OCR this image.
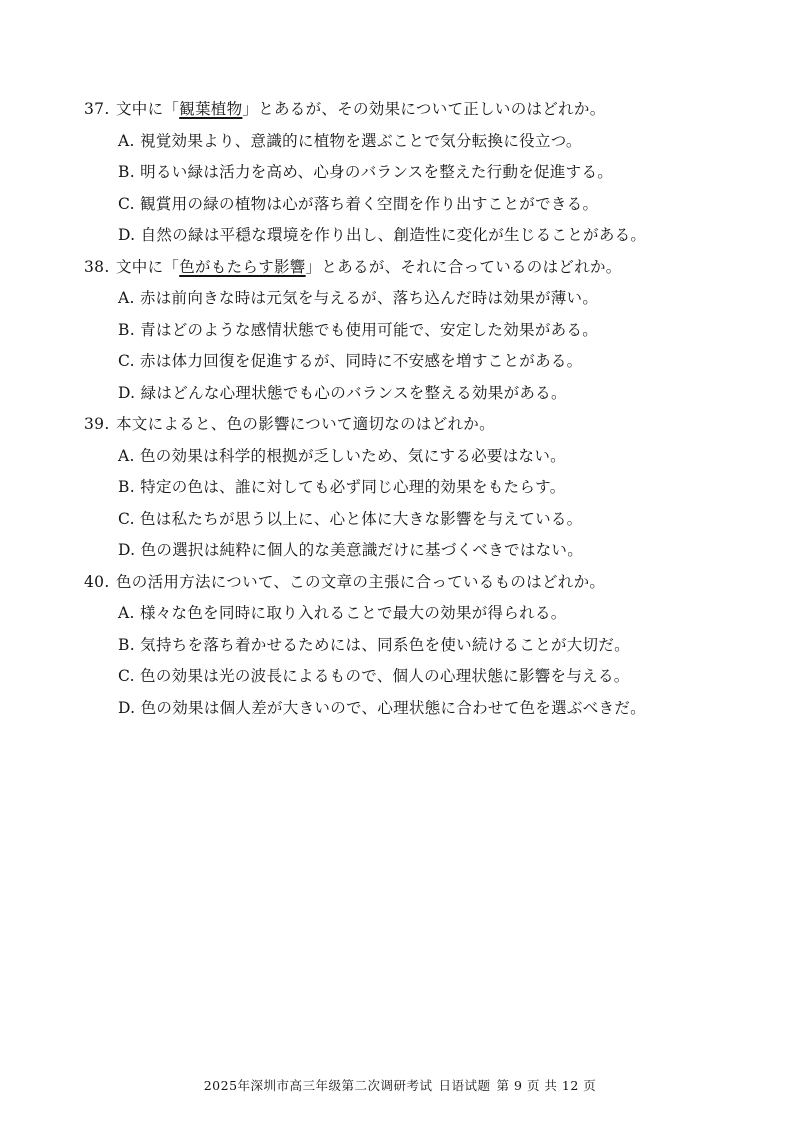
37. 文中に「観葉植物」とあるが、その効果について正しいのはどれか。
A. 視覚効果より、意識的に植物を選ぶことで気分転換に役立つ。
B. 明るい緑は活力を高め、心身のバランスを整えた行動を促進する。
C. 観賞用の緑の植物は心が落ち着く空間を作り出すことができる。
D. 自然の緑は平穏な環境を作り出し、創造性に変化が生じることがある。
38. 文中に「色がもたらす影響」とあるが、それに合っているのはどれか。
A. 赤は前向きな時は元気を与えるが、落ち込んだ時は効果が薄い。
B. 青はどのような感情状態でも使用可能で、安定した効果がある。
C. 赤は体力回復を促進するが、同時に不安感を増すことがある。
D. 緑はどんな心理状態でも心のバランスを整える効果がある。
39. 本文によると、色の影響について適切なのはどれか。
A. 色の効果は科学的根拠が乏しいため、気にする必要はない。
B. 特定の色は、誰に対しても必ず同じ心理的効果をもたらす。
C. 色は私たちが思う以上に、心と体に大きな影響を与えている。
D. 色の選択は純粋に個人的な美意識だけに基づくべきではない。
40. 色の活用方法について、この文章の主張に合っているものはどれか。
A. 様々な色を同時に取り入れることで最大の効果が得られる。
B. 気持ちを落ち着かせるためには、同系色を使い続けることが大切だ。
C. 色の効果は光の波長によるもので、個人の心理状態に影響を与える。
D. 色の効果は個人差が大きいので、心理状態に合わせて色を選ぶべきだ。
2025年深圳市高三年级第二次调研考试 日语试题 第 9 页 共 12 页
